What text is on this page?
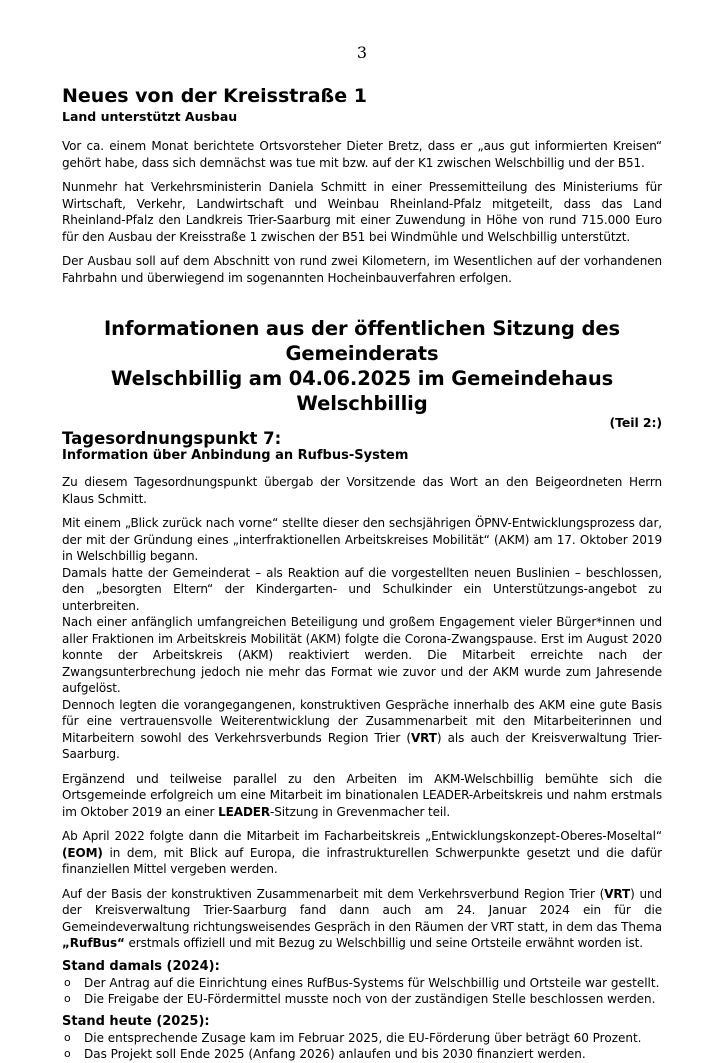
3
Neues von der Kreisstraße 1
Land unterstützt Ausbau

Vor ca. einem Monat berichtete Ortsvorsteher Dieter Bretz, dass er „aus gut informierten Kreisen“ gehört habe, dass sich demnächst was tue mit bzw. auf der K1 zwischen Welschbillig und der B51.

Nunmehr hat Verkehrsministerin Daniela Schmitt in einer Pressemitteilung des Ministeriums für Wirtschaft, Verkehr, Landwirtschaft und Weinbau Rheinland-Pfalz mitgeteilt, dass das Land Rheinland-Pfalz den Landkreis Trier-Saarburg mit einer Zuwendung in Höhe von rund 715.000 Euro für den Ausbau der Kreisstraße 1 zwischen der B51 bei Windmühle und Welschbillig unterstützt.

Der Ausbau soll auf dem Abschnitt von rund zwei Kilometern, im Wesentlichen auf der vorhandenen Fahrbahn und überwiegend im sogenannten Hocheinbauverfahren erfolgen.

Informationen aus der öffentlichen Sitzung des Gemeinderats

Welschbillig am 04.06.2025 im Gemeindehaus Welschbillig

(Teil 2:)

Tagesordnungspunkt 7:
Information über Anbindung an Rufbus-System

Zu diesem Tagesordnungspunkt übergab der Vorsitzende das Wort an den Beigeordneten Herrn Klaus Schmitt.

Mit einem „Blick zurück nach vorne“ stellte dieser den sechsjährigen ÖPNV-Entwicklungsprozess dar, der mit der Gründung eines „interfraktionellen Arbeitskreises Mobilität“ (AKM) am 17. Oktober 2019 in Welschbillig begann.

Damals hatte der Gemeinderat – als Reaktion auf die vorgestellten neuen Buslinien – beschlossen, den „besorgten Eltern“ der Kindergarten- und Schulkinder ein Unterstützungs-angebot zu unterbreiten.

Nach einer anfänglich umfangreichen Beteiligung und großem Engagement vieler Bürger*innen und aller Fraktionen im Arbeitskreis Mobilität (AKM) folgte die Corona-Zwangspause. Erst im August 2020 konnte der Arbeitskreis (AKM) reaktiviert werden. Die Mitarbeit erreichte nach der Zwangsunterbrechung jedoch nie mehr das Format wie zuvor und der AKM wurde zum Jahresende aufgelöst.

Dennoch legten die vorangegangenen, konstruktiven Gespräche innerhalb des AKM eine gute Basis für eine vertrauensvolle Weiterentwicklung der Zusammenarbeit mit den Mitarbeiterinnen und Mitarbeitern sowohl des Verkehrsverbunds Region Trier (VRT) als auch der Kreisverwaltung Trier-Saarburg.

Ergänzend und teilweise parallel zu den Arbeiten im AKM-Welschbillig bemühte sich die Ortsgemeinde erfolgreich um eine Mitarbeit im binationalen LEADER-Arbeitskreis und nahm erstmals im Oktober 2019 an einer LEADER-Sitzung in Grevenmacher teil.

Ab April 2022 folgte dann die Mitarbeit im Facharbeitskreis „Entwicklungskonzept-Oberes-Moseltal“ (EOM) in dem, mit Blick auf Europa, die infrastrukturellen Schwerpunkte gesetzt und die dafür finanziellen Mittel vergeben werden.

Auf der Basis der konstruktiven Zusammenarbeit mit dem Verkehrsverbund Region Trier (VRT) und der Kreisverwaltung Trier-Saarburg fand dann auch am 24. Januar 2024 ein für die Gemeindeverwaltung richtungsweisendes Gespräch in den Räumen der VRT statt, in dem das Thema „RufBus“ erstmals offiziell und mit Bezug zu Welschbillig und seine Ortsteile erwähnt worden ist.

Stand damals (2024):
o Der Antrag auf die Einrichtung eines RufBus-Systems für Welschbillig und Ortsteile war gestellt.
o Die Freigabe der EU-Fördermittel musste noch von der zuständigen Stelle beschlossen werden.
Stand heute (2025):
o Die entsprechende Zusage kam im Februar 2025, die EU-Förderung über beträgt 60 Prozent.
o Das Projekt soll Ende 2025 (Anfang 2026) anlaufen und bis 2030 finanziert werden.
